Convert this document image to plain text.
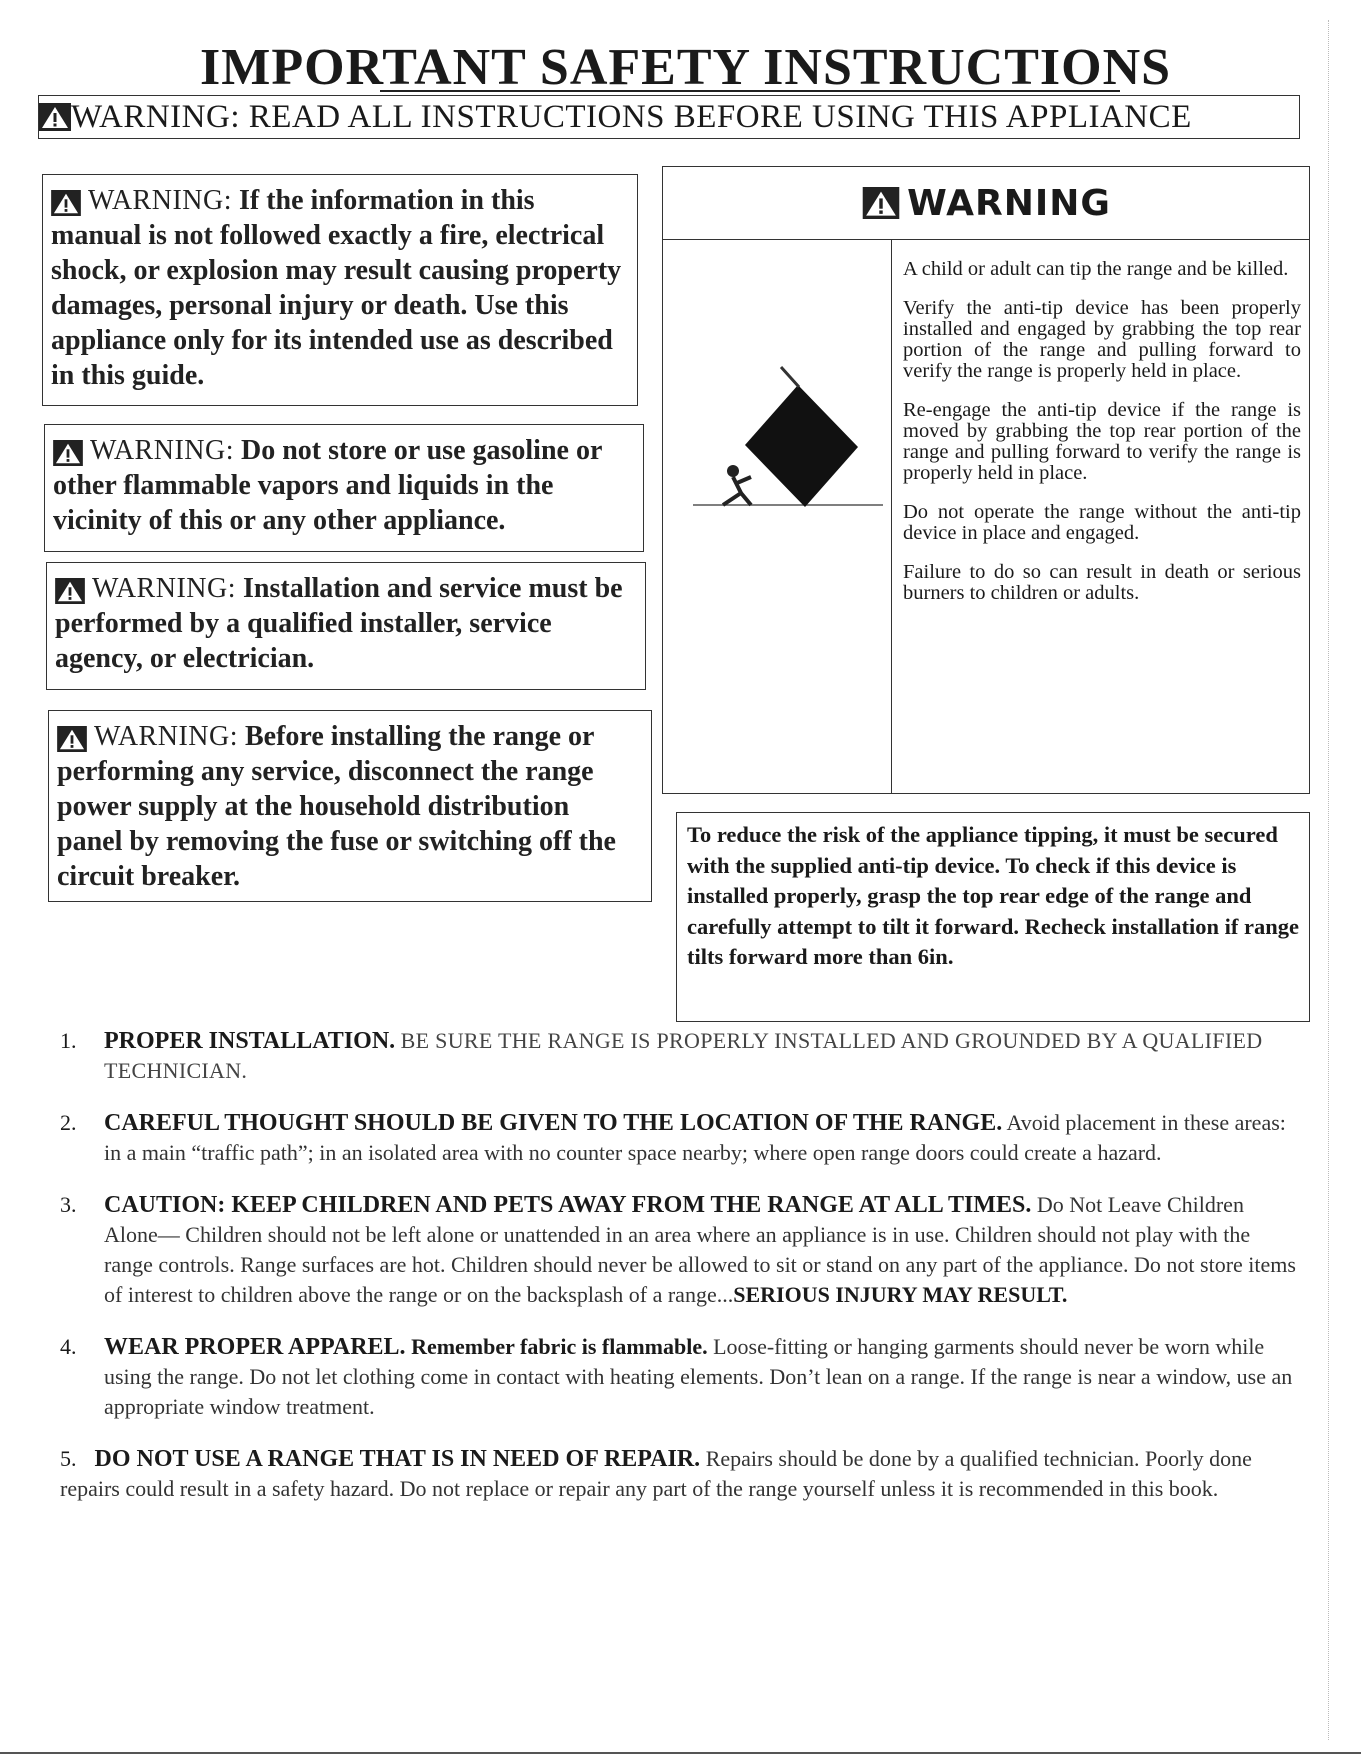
IMPORTANT SAFETY INSTRUCTIONS
WARNING: READ ALL INSTRUCTIONS BEFORE USING THIS APPLIANCE
WARNING: If the information in this manual is not followed exactly a fire, electrical shock, or explosion may result causing property damages, personal injury or death. Use this appliance only for its intended use as described in this guide.
WARNING: Do not store or use gasoline or other flammable vapors and liquids in the vicinity of this or any other appliance.
WARNING: Installation and service must be performed by a qualified installer, service agency, or electrician.
WARNING: Before installing the range or performing any service, disconnect the range power supply at the household distribution panel by removing the fuse or switching off the circuit breaker.
WARNING

A child or adult can tip the range and be killed.

Verify the anti-tip device has been properly installed and engaged by grabbing the top rear portion of the range and pulling forward to verify the range is properly held in place.

Re-engage the anti-tip device if the range is moved by grabbing the top rear portion of the range and pulling forward to verify the range is properly held in place.

Do not operate the range without the anti-tip device in place and engaged.

Failure to do so can result in death or serious burners to children or adults.

To reduce the risk of the appliance tipping, it must be secured with the supplied anti-tip device. To check if this device is installed properly, grasp the top rear edge of the range and carefully attempt to tilt it forward. Recheck installation if range tilts forward more than 6in.
1. PROPER INSTALLATION. BE SURE THE RANGE IS PROPERLY INSTALLED AND GROUNDED BY A QUALIFIED TECHNICIAN.
2. CAREFUL THOUGHT SHOULD BE GIVEN TO THE LOCATION OF THE RANGE. Avoid placement in these areas: in a main “traffic path”; in an isolated area with no counter space nearby; where open range doors could create a hazard.
3. CAUTION: KEEP CHILDREN AND PETS AWAY FROM THE RANGE AT ALL TIMES. Do Not Leave Children Alone— Children should not be left alone or unattended in an area where an appliance is in use. Children should not play with the range controls. Range surfaces are hot. Children should never be allowed to sit or stand on any part of the appliance. Do not store items of interest to children above the range or on the backsplash of a range...SERIOUS INJURY MAY RESULT.
4. WEAR PROPER APPAREL. Remember fabric is flammable. Loose-fitting or hanging garments should never be worn while using the range. Do not let clothing come in contact with heating elements. Don’t lean on a range. If the range is near a window, use an appropriate window treatment.
5. DO NOT USE A RANGE THAT IS IN NEED OF REPAIR. Repairs should be done by a qualified technician. Poorly done repairs could result in a safety hazard. Do not replace or repair any part of the range yourself unless it is recommended in this book.
